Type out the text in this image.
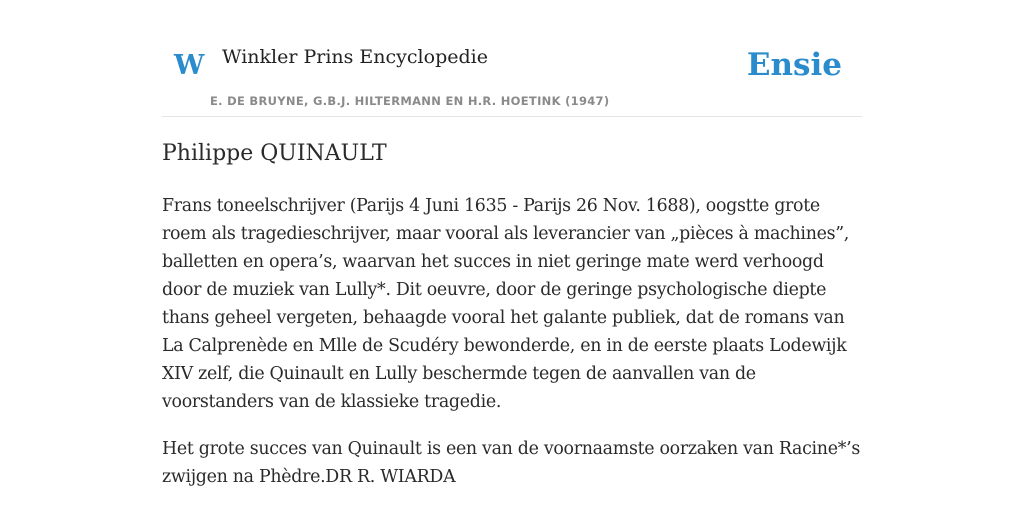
W Winkler Prins Encyclopedie
E. DE BRUYNE, G.B.J. HILTERMANN EN H.R. HOETINK (1947)
Ensie
Philippe QUINAULT

Frans toneelschrijver (Parijs 4 Juni 1635 - Parijs 26 Nov. 1688), oogstte grote roem als tragedieschrijver, maar vooral als leverancier van „pièces à machines”, balletten en opera’s, waarvan het succes in niet geringe mate werd verhoogd door de muziek van Lully*. Dit oeuvre, door de geringe psychologische diepte thans geheel vergeten, behaagde vooral het galante publiek, dat de romans van La Calprenède en Mlle de Scudéry bewonderde, en in de eerste plaats Lodewijk XIV zelf, die Quinault en Lully beschermde tegen de aanvallen van de voorstanders van de klassieke tragedie.

Het grote succes van Quinault is een van de voornaamste oorzaken van Racine*’s zwijgen na Phèdre.DR R. WIARDA
